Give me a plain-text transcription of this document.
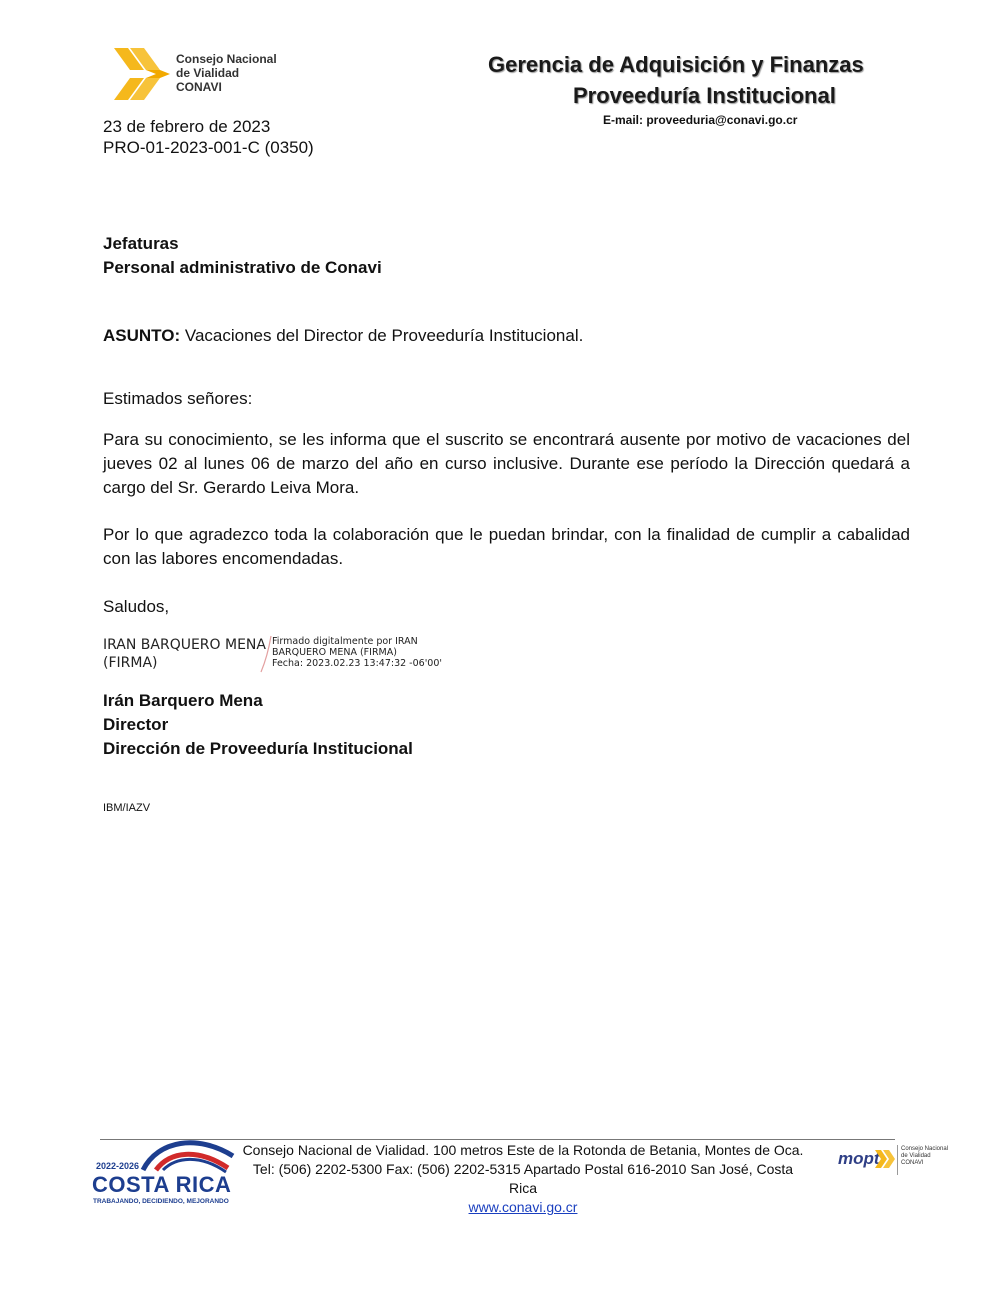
Consejo Nacional
de Vialidad
CONAVI
Gerencia de Adquisición y Finanzas
Proveeduría Institucional
E-mail: proveeduria@conavi.go.cr
23 de febrero de 2023
PRO-01-2023-001-C (0350)
Jefaturas
Personal administrativo de Conavi
ASUNTO: Vacaciones del Director de Proveeduría Institucional.
Estimados señores:
Para su conocimiento, se les informa que el suscrito se encontrará ausente por motivo de vacaciones del jueves 02 al lunes 06 de marzo del año en curso inclusive. Durante ese período la Dirección quedará a cargo del Sr. Gerardo Leiva Mora.
Por lo que agradezco toda la colaboración que le puedan brindar, con la finalidad de cumplir a cabalidad con las labores encomendadas.
Saludos,
IRAN BARQUERO MENA
(FIRMA)
Firmado digitalmente por IRAN
BARQUERO MENA (FIRMA)
Fecha: 2023.02.23 13:47:32 -06'00'
Irán Barquero Mena
Director
Dirección de Proveeduría Institucional
IBM/IAZV
2022-2026
COSTA RICA
TRABAJANDO, DECIDIENDO, MEJORANDO
Consejo Nacional de Vialidad. 100 metros Este de la Rotonda de Betania, Montes de Oca.
Tel: (506) 2202-5300 Fax: (506) 2202-5315 Apartado Postal 616-2010 San José, Costa Rica
www.conavi.go.cr
mopt	Consejo Nacional
de Vialidad
CONAVI
